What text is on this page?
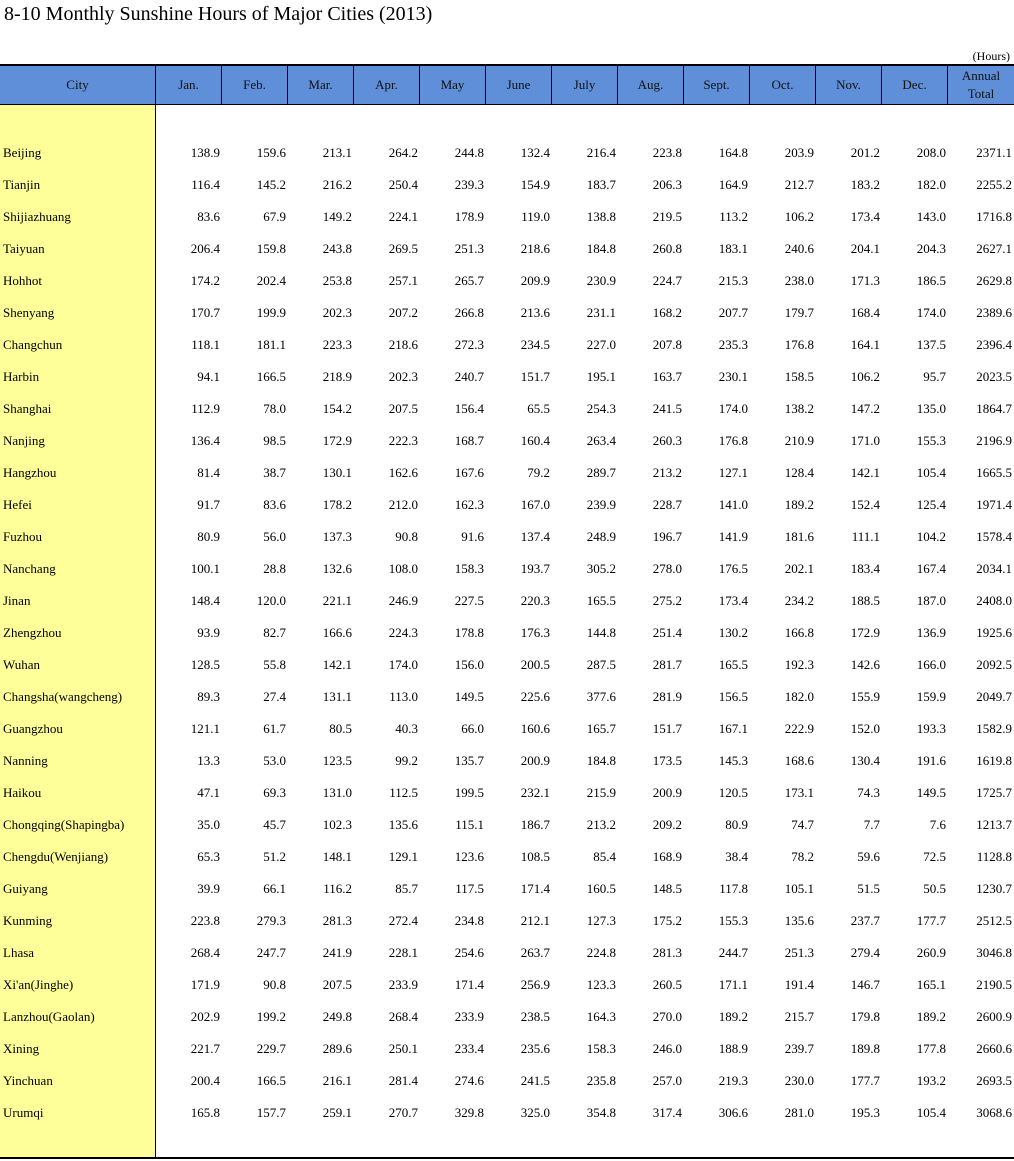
8-10 Monthly Sunshine Hours of Major Cities (2013)
(Hours)
City	Jan.	Feb.	Mar.	Apr.	May	June	July	Aug.	Sept.	Oct.	Nov.	Dec.
Annual
Total
Beijing	138.9	159.6	213.1	264.2	244.8	132.4	216.4	223.8	164.8	203.9	201.2	208.0	2371.1
Tianjin	116.4	145.2	216.2	250.4	239.3	154.9	183.7	206.3	164.9	212.7	183.2	182.0	2255.2
Shijiazhuang	83.6	67.9	149.2	224.1	178.9	119.0	138.8	219.5	113.2	106.2	173.4	143.0	1716.8
Taiyuan	206.4	159.8	243.8	269.5	251.3	218.6	184.8	260.8	183.1	240.6	204.1	204.3	2627.1
Hohhot	174.2	202.4	253.8	257.1	265.7	209.9	230.9	224.7	215.3	238.0	171.3	186.5	2629.8
Shenyang	170.7	199.9	202.3	207.2	266.8	213.6	231.1	168.2	207.7	179.7	168.4	174.0	2389.6
Changchun	118.1	181.1	223.3	218.6	272.3	234.5	227.0	207.8	235.3	176.8	164.1	137.5	2396.4
Harbin	94.1	166.5	218.9	202.3	240.7	151.7	195.1	163.7	230.1	158.5	106.2	95.7	2023.5
Shanghai	112.9	78.0	154.2	207.5	156.4	65.5	254.3	241.5	174.0	138.2	147.2	135.0	1864.7
Nanjing	136.4	98.5	172.9	222.3	168.7	160.4	263.4	260.3	176.8	210.9	171.0	155.3	2196.9
Hangzhou	81.4	38.7	130.1	162.6	167.6	79.2	289.7	213.2	127.1	128.4	142.1	105.4	1665.5
Hefei	91.7	83.6	178.2	212.0	162.3	167.0	239.9	228.7	141.0	189.2	152.4	125.4	1971.4
Fuzhou	80.9	56.0	137.3	90.8	91.6	137.4	248.9	196.7	141.9	181.6	111.1	104.2	1578.4
Nanchang	100.1	28.8	132.6	108.0	158.3	193.7	305.2	278.0	176.5	202.1	183.4	167.4	2034.1
Jinan	148.4	120.0	221.1	246.9	227.5	220.3	165.5	275.2	173.4	234.2	188.5	187.0	2408.0
Zhengzhou	93.9	82.7	166.6	224.3	178.8	176.3	144.8	251.4	130.2	166.8	172.9	136.9	1925.6
Wuhan	128.5	55.8	142.1	174.0	156.0	200.5	287.5	281.7	165.5	192.3	142.6	166.0	2092.5
Changsha(wangcheng)	89.3	27.4	131.1	113.0	149.5	225.6	377.6	281.9	156.5	182.0	155.9	159.9	2049.7
Guangzhou	121.1	61.7	80.5	40.3	66.0	160.6	165.7	151.7	167.1	222.9	152.0	193.3	1582.9
Nanning	13.3	53.0	123.5	99.2	135.7	200.9	184.8	173.5	145.3	168.6	130.4	191.6	1619.8
Haikou	47.1	69.3	131.0	112.5	199.5	232.1	215.9	200.9	120.5	173.1	74.3	149.5	1725.7
Chongqing(Shapingba)	35.0	45.7	102.3	135.6	115.1	186.7	213.2	209.2	80.9	74.7	7.7	7.6	1213.7
Chengdu(Wenjiang)	65.3	51.2	148.1	129.1	123.6	108.5	85.4	168.9	38.4	78.2	59.6	72.5	1128.8
Guiyang	39.9	66.1	116.2	85.7	117.5	171.4	160.5	148.5	117.8	105.1	51.5	50.5	1230.7
Kunming	223.8	279.3	281.3	272.4	234.8	212.1	127.3	175.2	155.3	135.6	237.7	177.7	2512.5
Lhasa	268.4	247.7	241.9	228.1	254.6	263.7	224.8	281.3	244.7	251.3	279.4	260.9	3046.8
Xi'an(Jinghe)	171.9	90.8	207.5	233.9	171.4	256.9	123.3	260.5	171.1	191.4	146.7	165.1	2190.5
Lanzhou(Gaolan)	202.9	199.2	249.8	268.4	233.9	238.5	164.3	270.0	189.2	215.7	179.8	189.2	2600.9
Xining	221.7	229.7	289.6	250.1	233.4	235.6	158.3	246.0	188.9	239.7	189.8	177.8	2660.6
Yinchuan	200.4	166.5	216.1	281.4	274.6	241.5	235.8	257.0	219.3	230.0	177.7	193.2	2693.5
Urumqi	165.8	157.7	259.1	270.7	329.8	325.0	354.8	317.4	306.6	281.0	195.3	105.4	3068.6
